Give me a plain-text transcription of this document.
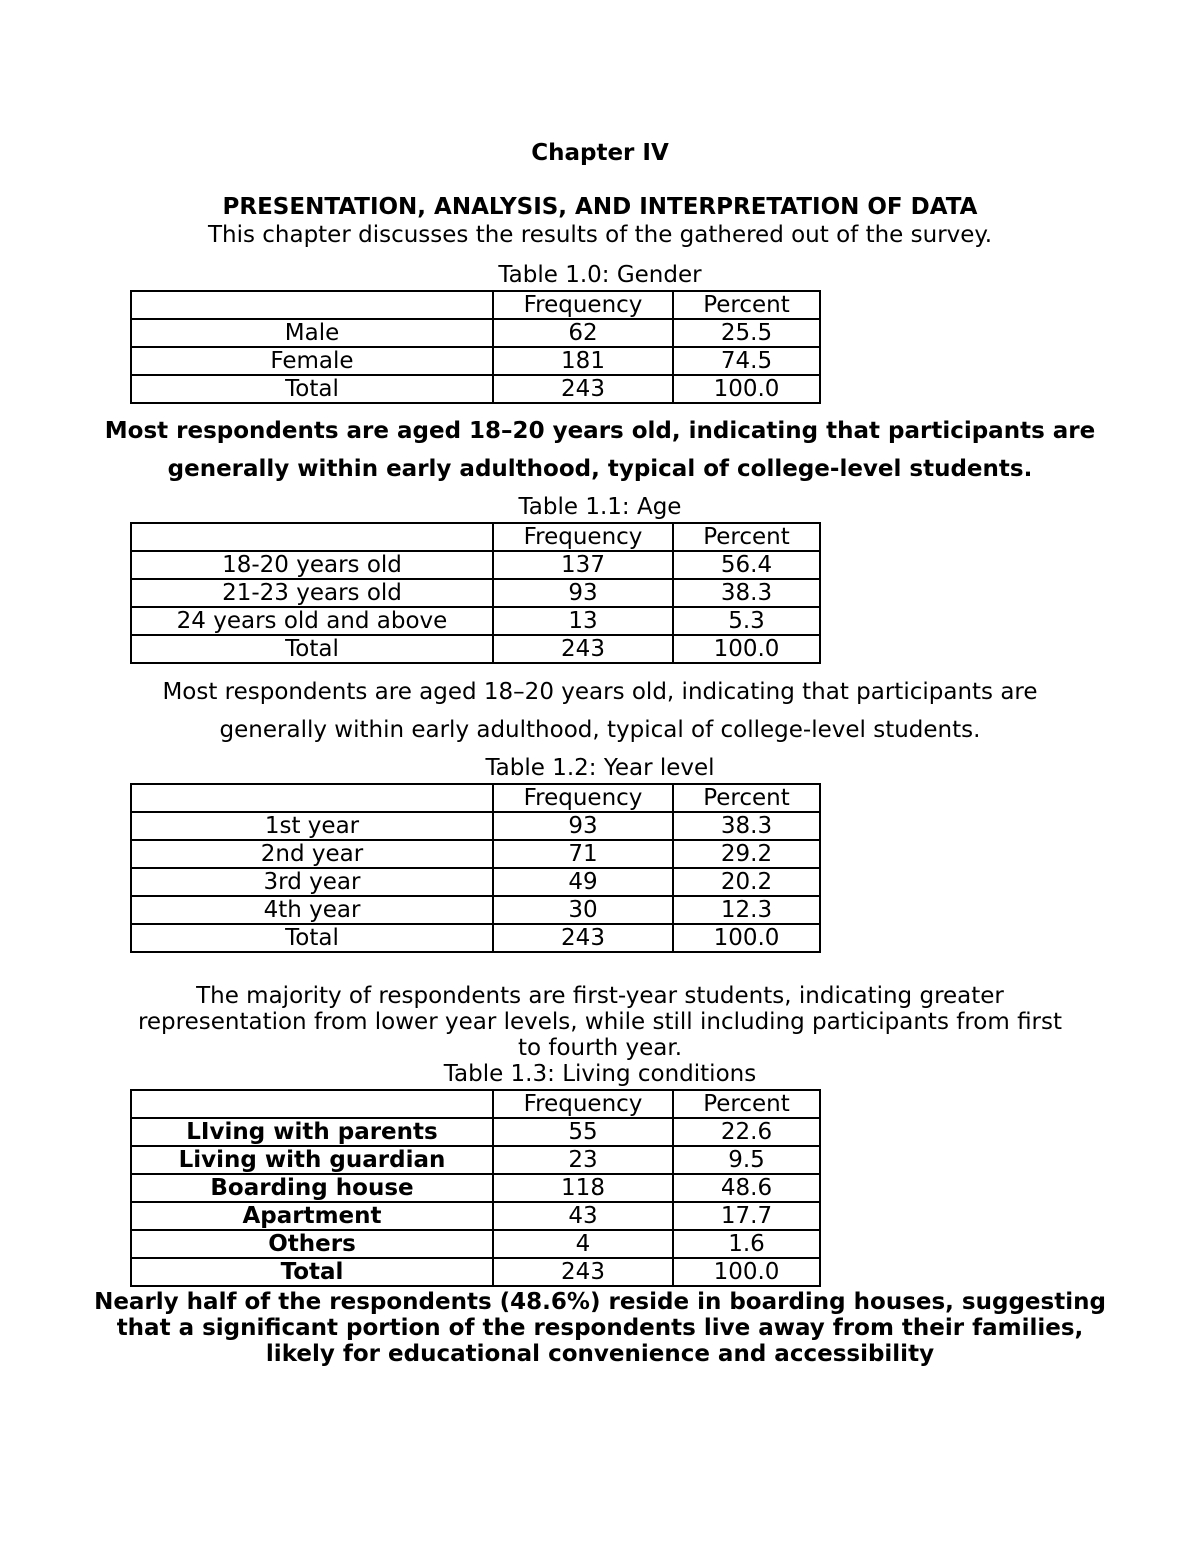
Chapter IV
PRESENTATION, ANALYSIS, AND INTERPRETATION OF DATA
This chapter discusses the results of the gathered out of the survey.
Table 1.0: Gender
	Frequency	Percent
Male	62	25.5
Female	181	74.5
Total	243	100.0
Most respondents are aged 18–20 years old, indicating that participants are
generally within early adulthood, typical of college-level students.
Table 1.1: Age
	Frequency	Percent
18-20 years old	137	56.4
21-23 years old	93	38.3
24 years old and above	13	5.3
Total	243	100.0
Most respondents are aged 18–20 years old, indicating that participants are
generally within early adulthood, typical of college-level students.
Table 1.2: Year level
	Frequency	Percent
1st year	93	38.3
2nd year	71	29.2
3rd year	49	20.2
4th year	30	12.3
Total	243	100.0
The majority of respondents are first-year students, indicating greater
representation from lower year levels, while still including participants from first
to fourth year.
Table 1.3: Living conditions
	Frequency	Percent
LIving with parents	55	22.6
Living with guardian	23	9.5
Boarding house	118	48.6
Apartment	43	17.7
Others	4	1.6
Total	243	100.0
Nearly half of the respondents (48.6%) reside in boarding houses, suggesting
that a significant portion of the respondents live away from their families,
likely for educational convenience and accessibility
